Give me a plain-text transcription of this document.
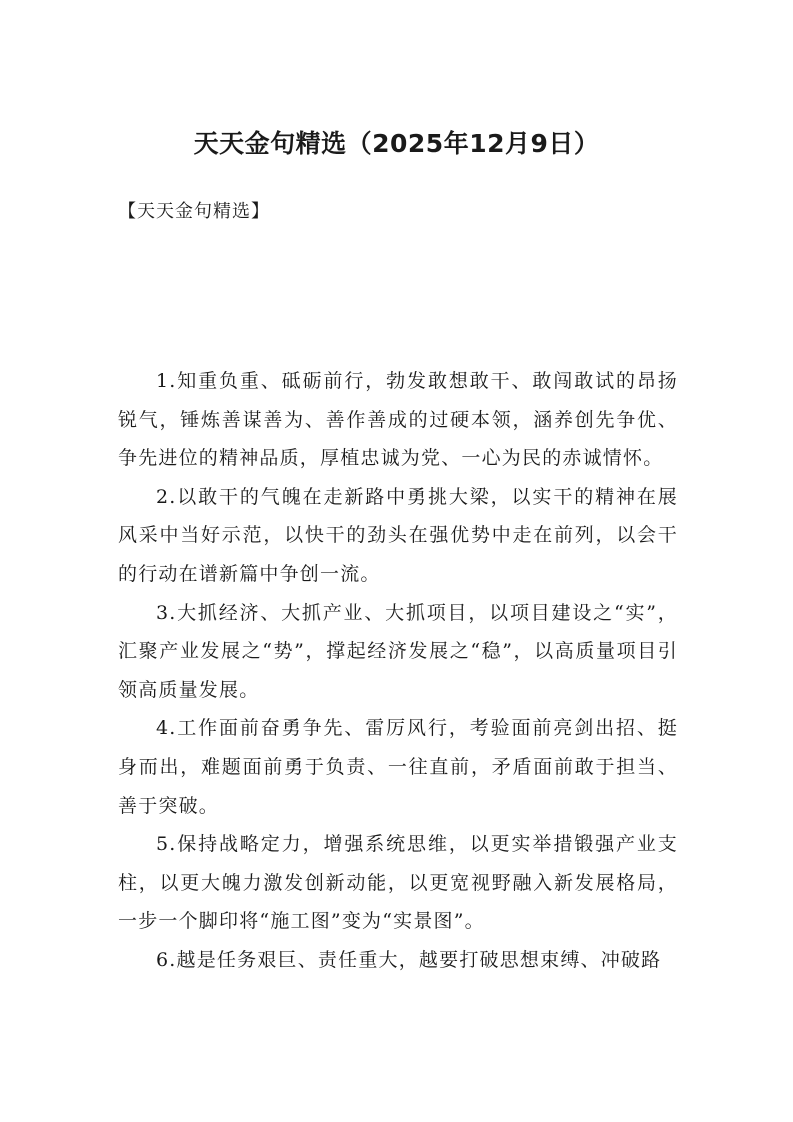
天天金句精选（2025年12月9日）

【天天金句精选】

1.知重负重、砥砺前行，勃发敢想敢干、敢闯敢试的昂扬锐气，锤炼善谋善为、善作善成的过硬本领，涵养创先争优、争先进位的精神品质，厚植忠诚为党、一心为民的赤诚情怀。

2.以敢干的气魄在走新路中勇挑大梁，以实干的精神在展风采中当好示范，以快干的劲头在强优势中走在前列，以会干的行动在谱新篇中争创一流。

3.大抓经济、大抓产业、大抓项目，以项目建设之“实”，汇聚产业发展之“势”，撑起经济发展之“稳”，以高质量项目引领高质量发展。

4.工作面前奋勇争先、雷厉风行，考验面前亮剑出招、挺身而出，难题面前勇于负责、一往直前，矛盾面前敢于担当、善于突破。

5.保持战略定力，增强系统思维，以更实举措锻强产业支柱，以更大魄力激发创新动能，以更宽视野融入新发展格局，一步一个脚印将“施工图”变为“实景图”。

6.越是任务艰巨、责任重大，越要打破思想束缚、冲破路
